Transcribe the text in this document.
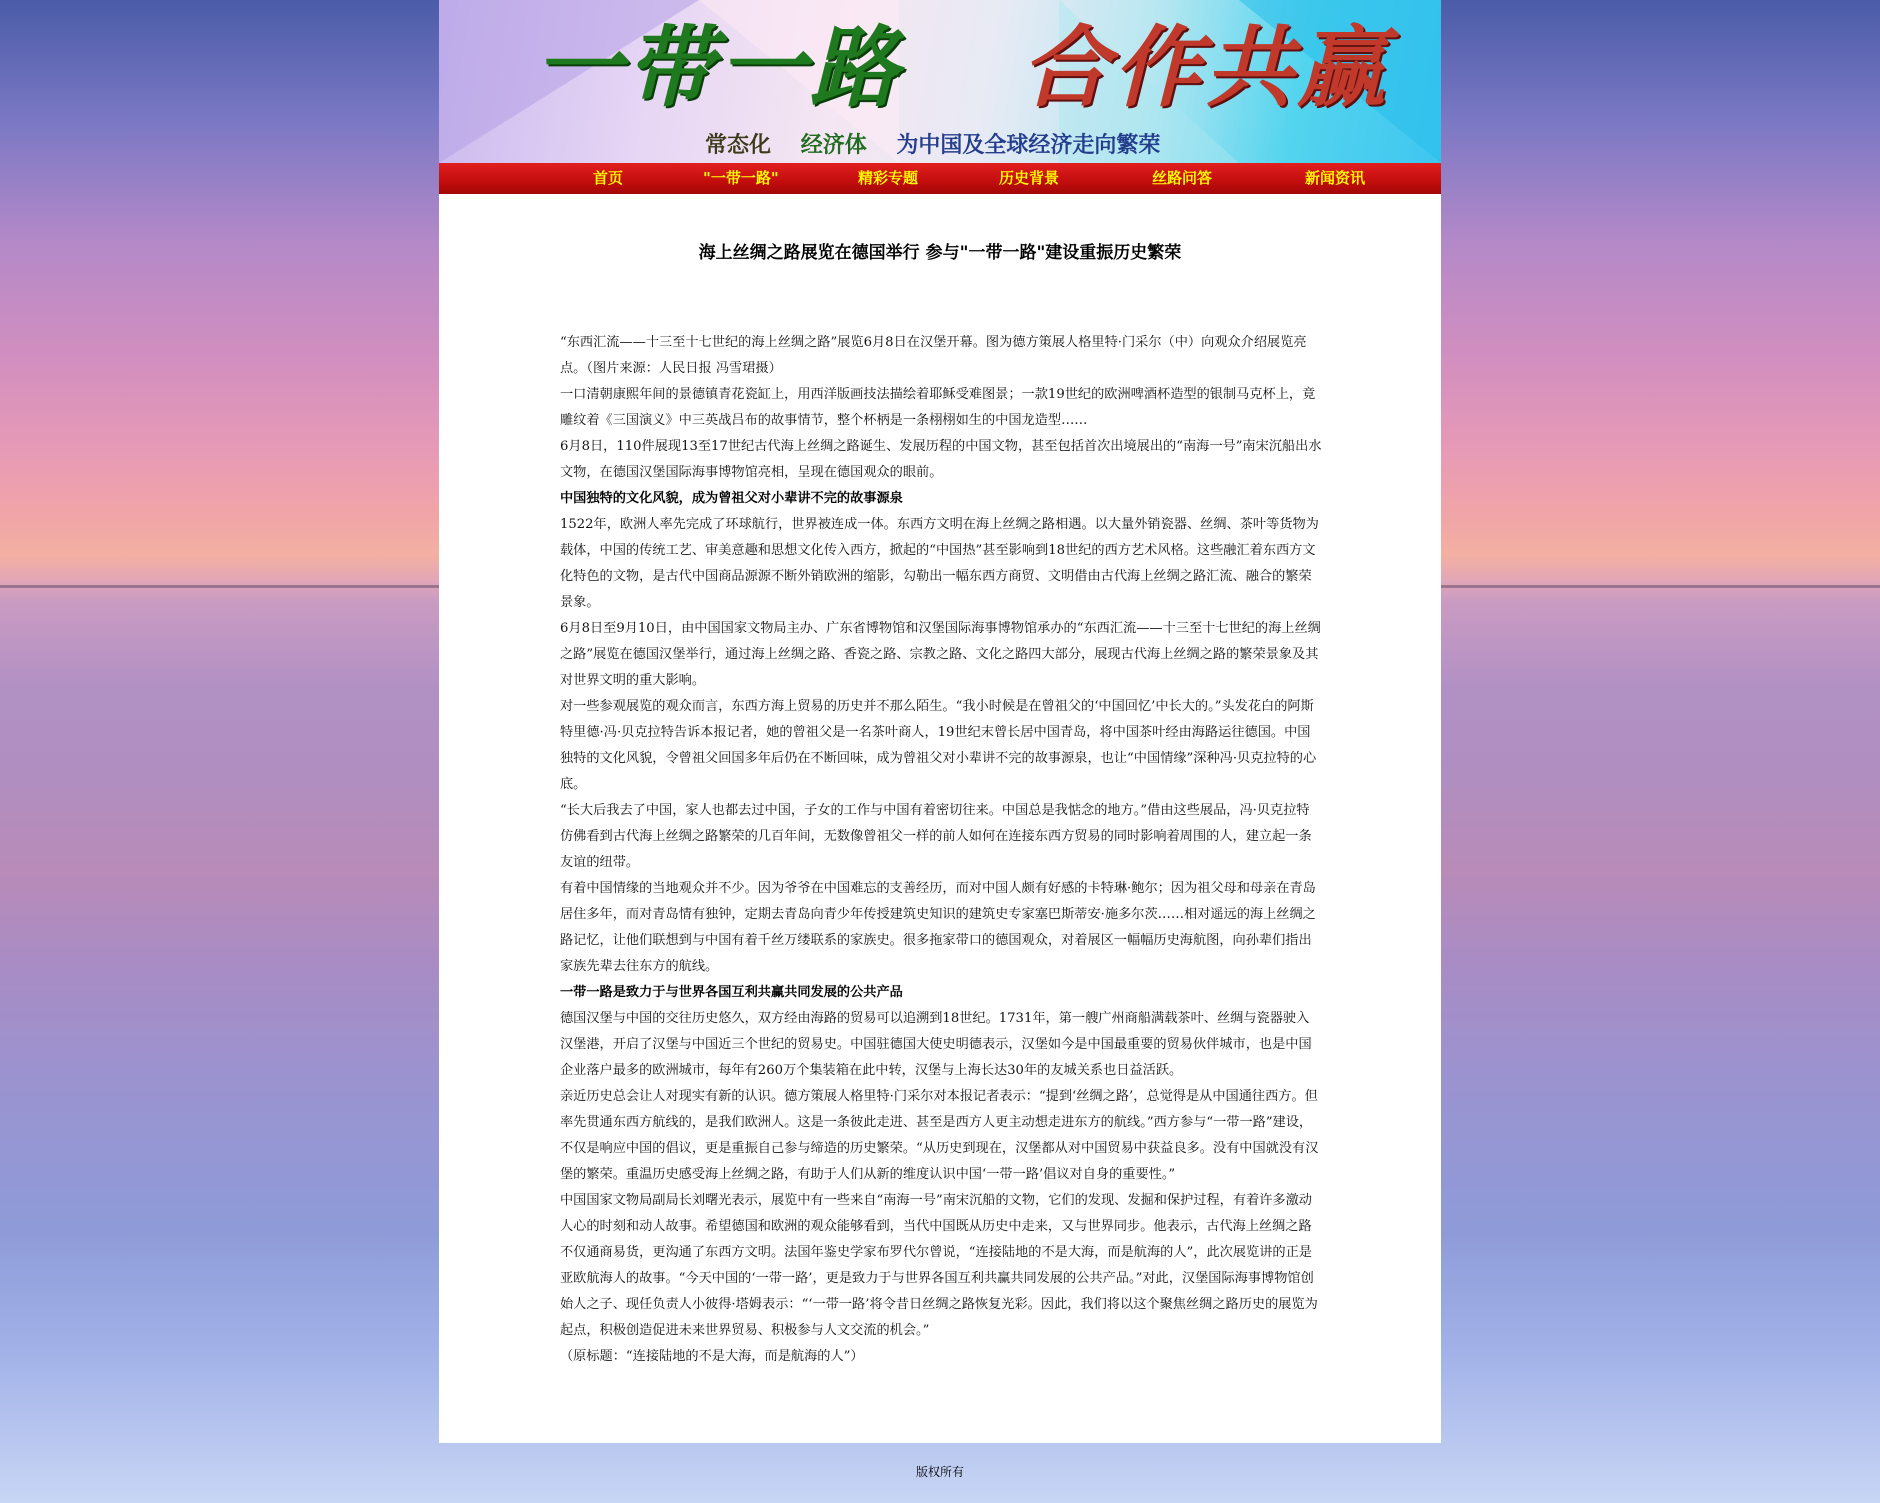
一带一路 合作共赢
常态化 经济体 为中国及全球经济走向繁荣
首页	"一带一路"	精彩专题	历史背景	丝路问答	新闻资讯
海上丝绸之路展览在德国举行 参与"一带一路"建设重振历史繁荣

“东西汇流——十三至十七世纪的海上丝绸之路”展览6月8日在汉堡开幕。图为德方策展人格里特·门采尔（中）向观众介绍展览亮点。（图片来源：人民日报 冯雪珺摄）

一口清朝康熙年间的景德镇青花瓷缸上，用西洋版画技法描绘着耶稣受难图景；一款19世纪的欧洲啤酒杯造型的银制马克杯上，竟雕纹着《三国演义》中三英战吕布的故事情节，整个杯柄是一条栩栩如生的中国龙造型……

6月8日，110件展现13至17世纪古代海上丝绸之路诞生、发展历程的中国文物，甚至包括首次出境展出的“南海一号”南宋沉船出水文物，在德国汉堡国际海事博物馆亮相，呈现在德国观众的眼前。

中国独特的文化风貌，成为曾祖父对小辈讲不完的故事源泉

1522年，欧洲人率先完成了环球航行，世界被连成一体。东西方文明在海上丝绸之路相遇。以大量外销瓷器、丝绸、茶叶等货物为载体，中国的传统工艺、审美意趣和思想文化传入西方，掀起的“中国热”甚至影响到18世纪的西方艺术风格。这些融汇着东西方文化特色的文物，是古代中国商品源源不断外销欧洲的缩影，勾勒出一幅东西方商贸、文明借由古代海上丝绸之路汇流、融合的繁荣景象。

6月8日至9月10日，由中国国家文物局主办、广东省博物馆和汉堡国际海事博物馆承办的“东西汇流——十三至十七世纪的海上丝绸之路”展览在德国汉堡举行，通过海上丝绸之路、香瓷之路、宗教之路、文化之路四大部分，展现古代海上丝绸之路的繁荣景象及其对世界文明的重大影响。

对一些参观展览的观众而言，东西方海上贸易的历史并不那么陌生。“我小时候是在曾祖父的‘中国回忆’中长大的。”头发花白的阿斯特里德·冯·贝克拉特告诉本报记者，她的曾祖父是一名茶叶商人，19世纪末曾长居中国青岛，将中国茶叶经由海路运往德国。中国独特的文化风貌，令曾祖父回国多年后仍在不断回味，成为曾祖父对小辈讲不完的故事源泉，也让“中国情缘”深种冯·贝克拉特的心底。

“长大后我去了中国，家人也都去过中国，子女的工作与中国有着密切往来。中国总是我惦念的地方。”借由这些展品，冯·贝克拉特仿佛看到古代海上丝绸之路繁荣的几百年间，无数像曾祖父一样的前人如何在连接东西方贸易的同时影响着周围的人，建立起一条友谊的纽带。

有着中国情缘的当地观众并不少。因为爷爷在中国难忘的支善经历，而对中国人颇有好感的卡特琳·鲍尔；因为祖父母和母亲在青岛居住多年，而对青岛情有独钟，定期去青岛向青少年传授建筑史知识的建筑史专家塞巴斯蒂安·施多尔茨……相对遥远的海上丝绸之路记忆，让他们联想到与中国有着千丝万缕联系的家族史。很多拖家带口的德国观众，对着展区一幅幅历史海航图，向孙辈们指出家族先辈去往东方的航线。

一带一路是致力于与世界各国互利共赢共同发展的公共产品

德国汉堡与中国的交往历史悠久，双方经由海路的贸易可以追溯到18世纪。1731年，第一艘广州商船满载茶叶、丝绸与瓷器驶入汉堡港，开启了汉堡与中国近三个世纪的贸易史。中国驻德国大使史明德表示，汉堡如今是中国最重要的贸易伙伴城市，也是中国企业落户最多的欧洲城市，每年有260万个集装箱在此中转，汉堡与上海长达30年的友城关系也日益活跃。

亲近历史总会让人对现实有新的认识。德方策展人格里特·门采尔对本报记者表示：“提到‘丝绸之路’，总觉得是从中国通往西方。但率先贯通东西方航线的，是我们欧洲人。这是一条彼此走进、甚至是西方人更主动想走进东方的航线。”西方参与“一带一路”建设，不仅是响应中国的倡议，更是重振自己参与缔造的历史繁荣。“从历史到现在，汉堡都从对中国贸易中获益良多。没有中国就没有汉堡的繁荣。重温历史感受海上丝绸之路，有助于人们从新的维度认识中国‘一带一路’倡议对自身的重要性。”

中国国家文物局副局长刘曙光表示，展览中有一些来自“南海一号”南宋沉船的文物，它们的发现、发掘和保护过程，有着许多激动人心的时刻和动人故事。希望德国和欧洲的观众能够看到，当代中国既从历史中走来，又与世界同步。他表示，古代海上丝绸之路不仅通商易货，更沟通了东西方文明。法国年鉴史学家布罗代尔曾说，“连接陆地的不是大海，而是航海的人”，此次展览讲的正是亚欧航海人的故事。“今天中国的‘一带一路’，更是致力于与世界各国互利共赢共同发展的公共产品。”对此，汉堡国际海事博物馆创始人之子、现任负责人小彼得·塔姆表示：“‘一带一路’将令昔日丝绸之路恢复光彩。因此，我们将以这个聚焦丝绸之路历史的展览为起点，积极创造促进未来世界贸易、积极参与人文交流的机会。”

（原标题：“连接陆地的不是大海，而是航海的人”）

版权所有
